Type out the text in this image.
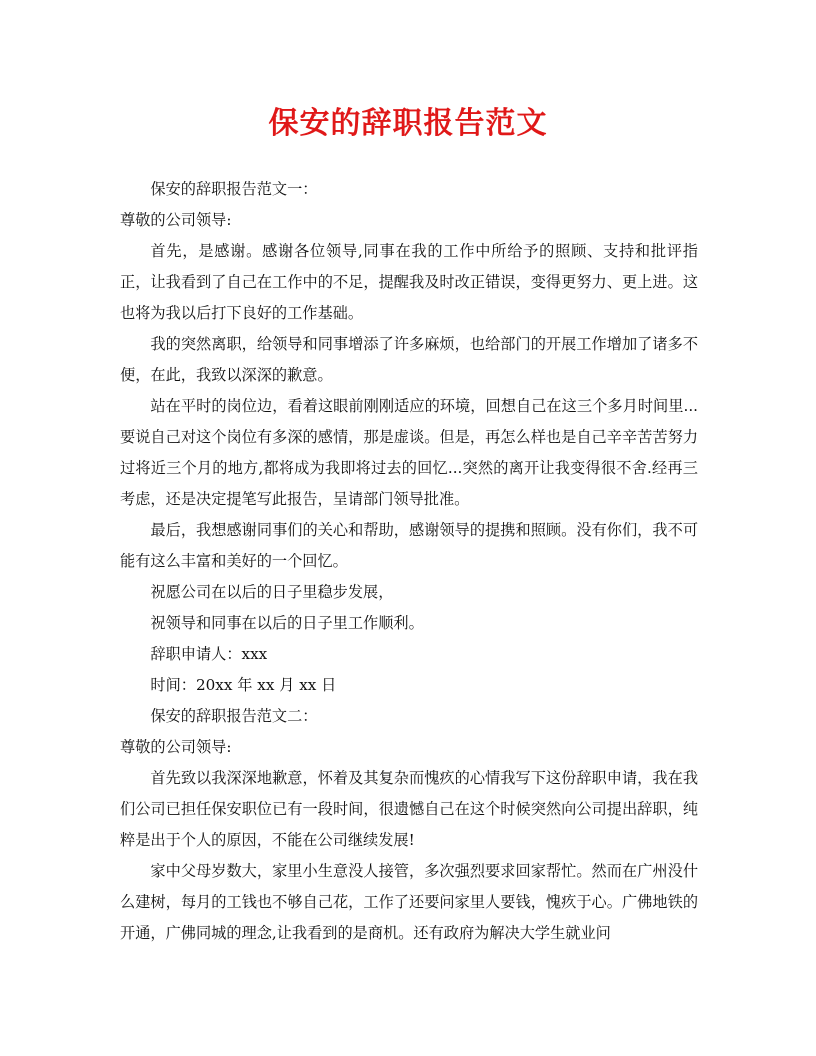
保安的辞职报告范文

保安的辞职报告范文一：

尊敬的公司领导:

首先，是感谢。感谢各位领导,同事在我的工作中所给予的照顾、支持和批评指正，让我看到了自己在工作中的不足，提醒我及时改正错误，变得更努力、更上进。这也将为我以后打下良好的工作基础。

我的突然离职，给领导和同事增添了许多麻烦，也给部门的开展工作增加了诸多不便，在此，我致以深深的歉意。

站在平时的岗位边，看着这眼前刚刚适应的环境，回想自己在这三个多月时间里...要说自己对这个岗位有多深的感情，那是虚谈。但是，再怎么样也是自己辛辛苦苦努力过将近三个月的地方,都将成为我即将过去的回忆...突然的离开让我变得很不舍.经再三考虑，还是决定提笔写此报告，呈请部门领导批准。

最后，我想感谢同事们的关心和帮助，感谢领导的提携和照顾。没有你们，我不可能有这么丰富和美好的一个回忆。

祝愿公司在以后的日子里稳步发展，

祝领导和同事在以后的日子里工作顺利。

辞职申请人：xxx

时间：20xx 年 xx 月 xx 日

保安的辞职报告范文二：

尊敬的公司领导:

首先致以我深深地歉意，怀着及其复杂而愧疚的心情我写下这份辞职申请，我在我们公司已担任保安职位已有一段时间，很遗憾自己在这个时候突然向公司提出辞职，纯粹是出于个人的原因，不能在公司继续发展!

家中父母岁数大，家里小生意没人接管，多次强烈要求回家帮忙。然而在广州没什么建树，每月的工钱也不够自己花，工作了还要问家里人要钱，愧疚于心。广佛地铁的开通，广佛同城的理念,让我看到的是商机。还有政府为解决大学生就业问
